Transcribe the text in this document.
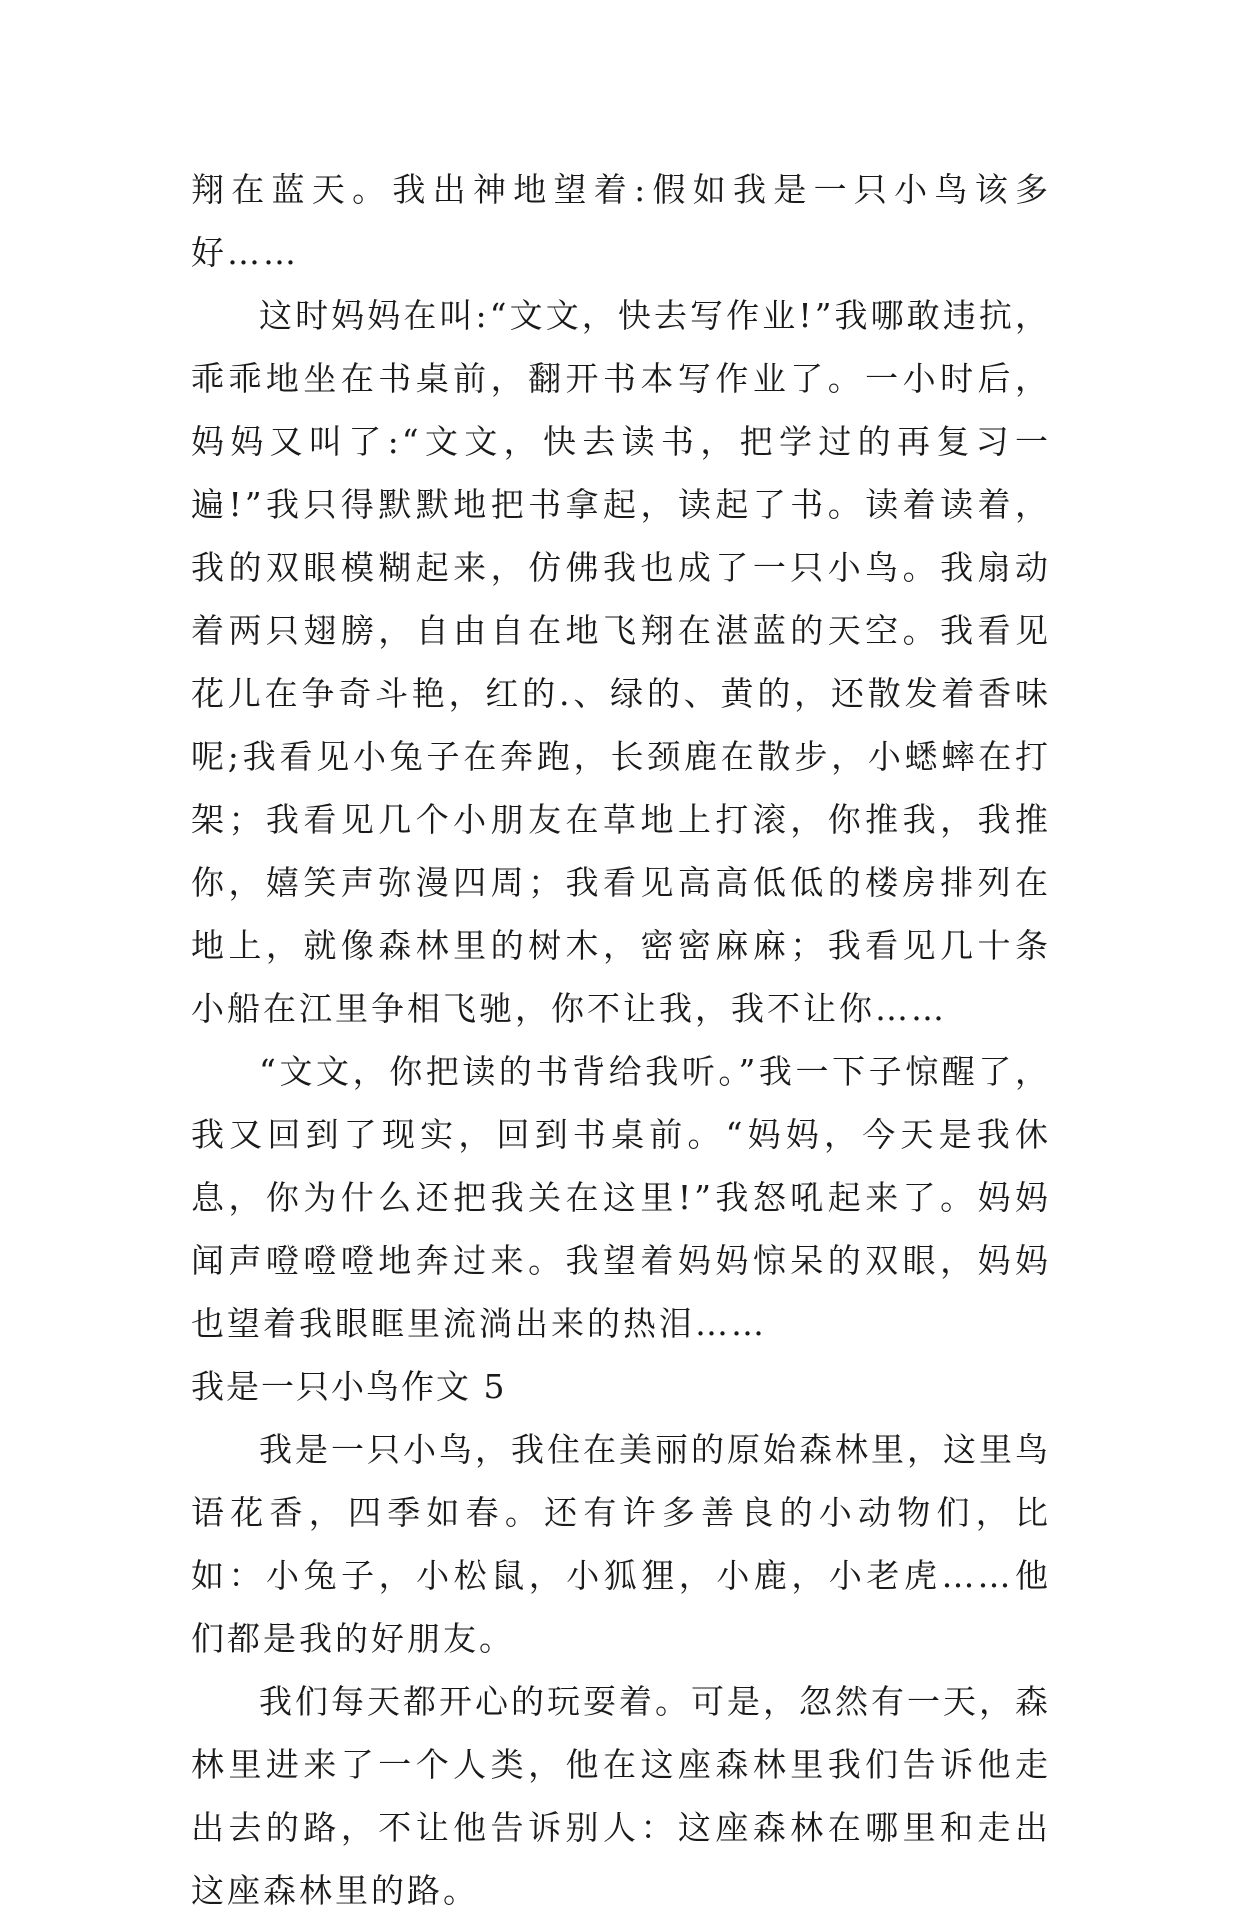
翔在蓝天。我出神地望着:假如我是一只小鸟该多好……

这时妈妈在叫:“文文，快去写作业!”我哪敢违抗，乖乖地坐在书桌前，翻开书本写作业了。一小时后，妈妈又叫了:“文文，快去读书，把学过的再复习一遍!”我只得默默地把书拿起，读起了书。读着读着，我的双眼模糊起来，仿佛我也成了一只小鸟。我扇动着两只翅膀，自由自在地飞翔在湛蓝的天空。我看见花儿在争奇斗艳，红的.、绿的、黄的，还散发着香味呢;我看见小兔子在奔跑，长颈鹿在散步，小蟋蟀在打架；我看见几个小朋友在草地上打滚，你推我，我推你，嬉笑声弥漫四周；我看见高高低低的楼房排列在地上，就像森林里的树木，密密麻麻；我看见几十条小船在江里争相飞驰，你不让我，我不让你……

“文文，你把读的书背给我听。”我一下子惊醒了，我又回到了现实，回到书桌前。“妈妈，今天是我休息，你为什么还把我关在这里!”我怒吼起来了。妈妈闻声噔噔噔地奔过来。我望着妈妈惊呆的双眼，妈妈也望着我眼眶里流淌出来的热泪……

我是一只小鸟作文 5

我是一只小鸟，我住在美丽的原始森林里，这里鸟语花香，四季如春。还有许多善良的小动物们，比如：小兔子，小松鼠，小狐狸，小鹿，小老虎……他们都是我的好朋友。

我们每天都开心的玩耍着。可是，忽然有一天，森林里进来了一个人类，他在这座森林里我们告诉他走出去的路，不让他告诉别人：这座森林在哪里和走出这座森林里的路。
